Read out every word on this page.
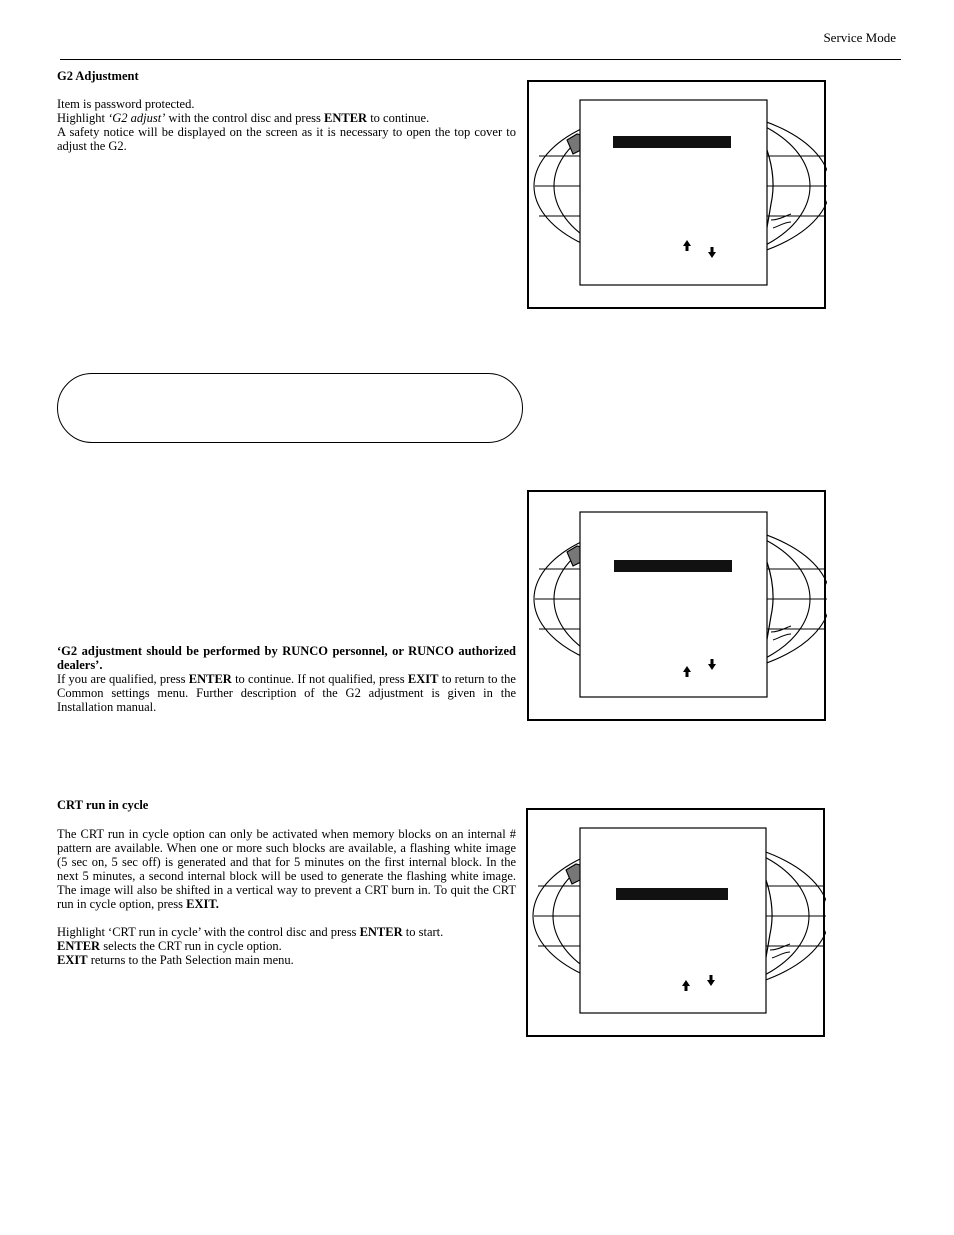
Service Mode
G2 Adjustment

Item is password protected.

Highlight ‘G2 adjust’ with the control disc and press ENTER to continue.

A safety notice will be displayed on the screen as it is necessary to open the top cover to adjust the G2.

‘G2 adjustment should be performed by RUNCO personnel, or RUNCO authorized dealers’.

If you are qualified, press ENTER to continue. If not qualified, press EXIT to return to the Common settings menu. Further description of the G2 adjustment is given in the Installation manual.

CRT run in cycle

The CRT run in cycle option can only be activated when memory blocks on an internal # pattern are available. When one or more such blocks are available, a flashing white image (5 sec on, 5 sec off) is generated and that for 5 minutes on the first internal block. In the next 5 minutes, a second internal block will be used to generate the flashing white image. The image will also be shifted in a vertical way to prevent a CRT burn in. To quit the CRT run in cycle option, press EXIT.

Highlight ‘CRT run in cycle’ with the control disc and press ENTER to start.

ENTER selects the CRT run in cycle option.

EXIT returns to the Path Selection main menu.
